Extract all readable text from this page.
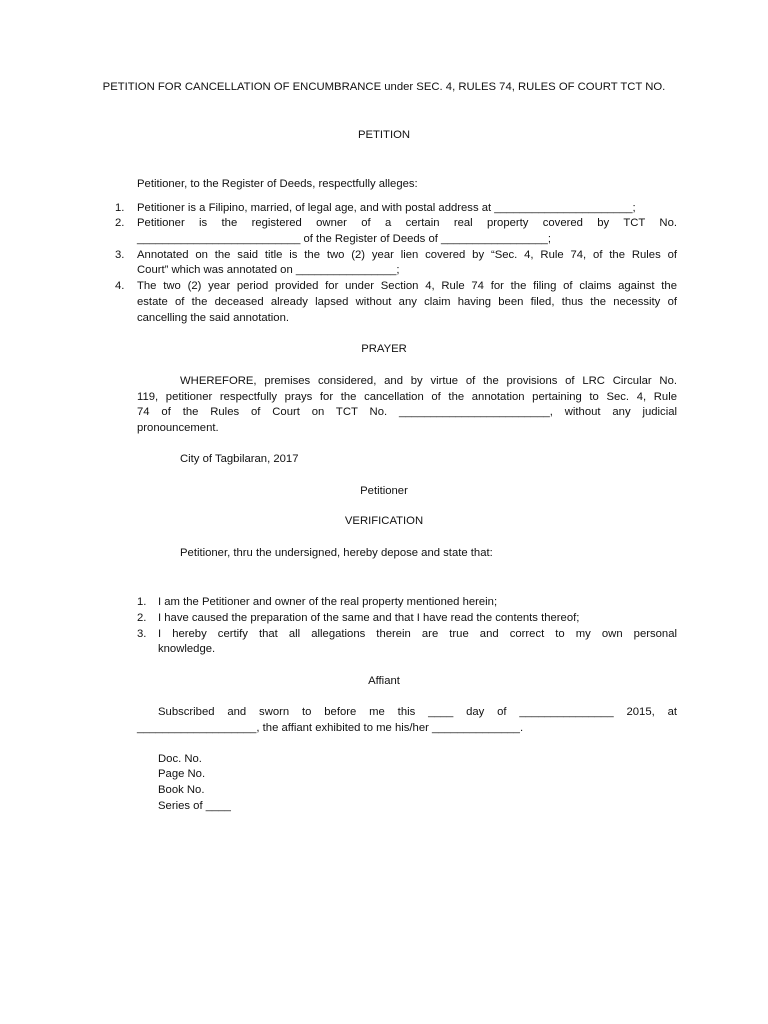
PETITION FOR CANCELLATION OF ENCUMBRANCE under SEC. 4, RULES 74, RULES OF COURT TCT NO.
PETITION
Petitioner, to the Register of Deeds, respectfully alleges:
1.	Petitioner is a Filipino, married, of legal age, and with postal address at ______________________;
2.	Petitioner is the registered owner of a certain real property covered by TCT No.
__________________________ of the Register of Deeds of _________________;
3.	Annotated on the said title is the two (2) year lien covered by “Sec. 4, Rule 74, of the Rules of
Court” which was annotated on ________________;
4.	The two (2) year period provided for under Section 4, Rule 74 for the filing of claims against the
estate of the deceased already lapsed without any claim having been filed, thus the necessity of
cancelling the said annotation.
PRAYER
WHEREFORE, premises considered, and by virtue of the provisions of LRC Circular No.
119, petitioner respectfully prays for the cancellation of the annotation pertaining to Sec. 4, Rule
74 of the Rules of Court on TCT No. ________________________, without any judicial
pronouncement.
City of Tagbilaran, 2017
Petitioner
VERIFICATION
Petitioner, thru the undersigned, hereby depose and state that:
1.	I am the Petitioner and owner of the real property mentioned herein;
2.	I have caused the preparation of the same and that I have read the contents thereof;
3.	I hereby certify that all allegations therein are true and correct to my own personal
knowledge.
Affiant
Subscribed and sworn to before me this ____ day of _______________ 2015, at
___________________, the affiant exhibited to me his/her ______________.
Doc. No.
Page No.
Book No.
Series of ____
